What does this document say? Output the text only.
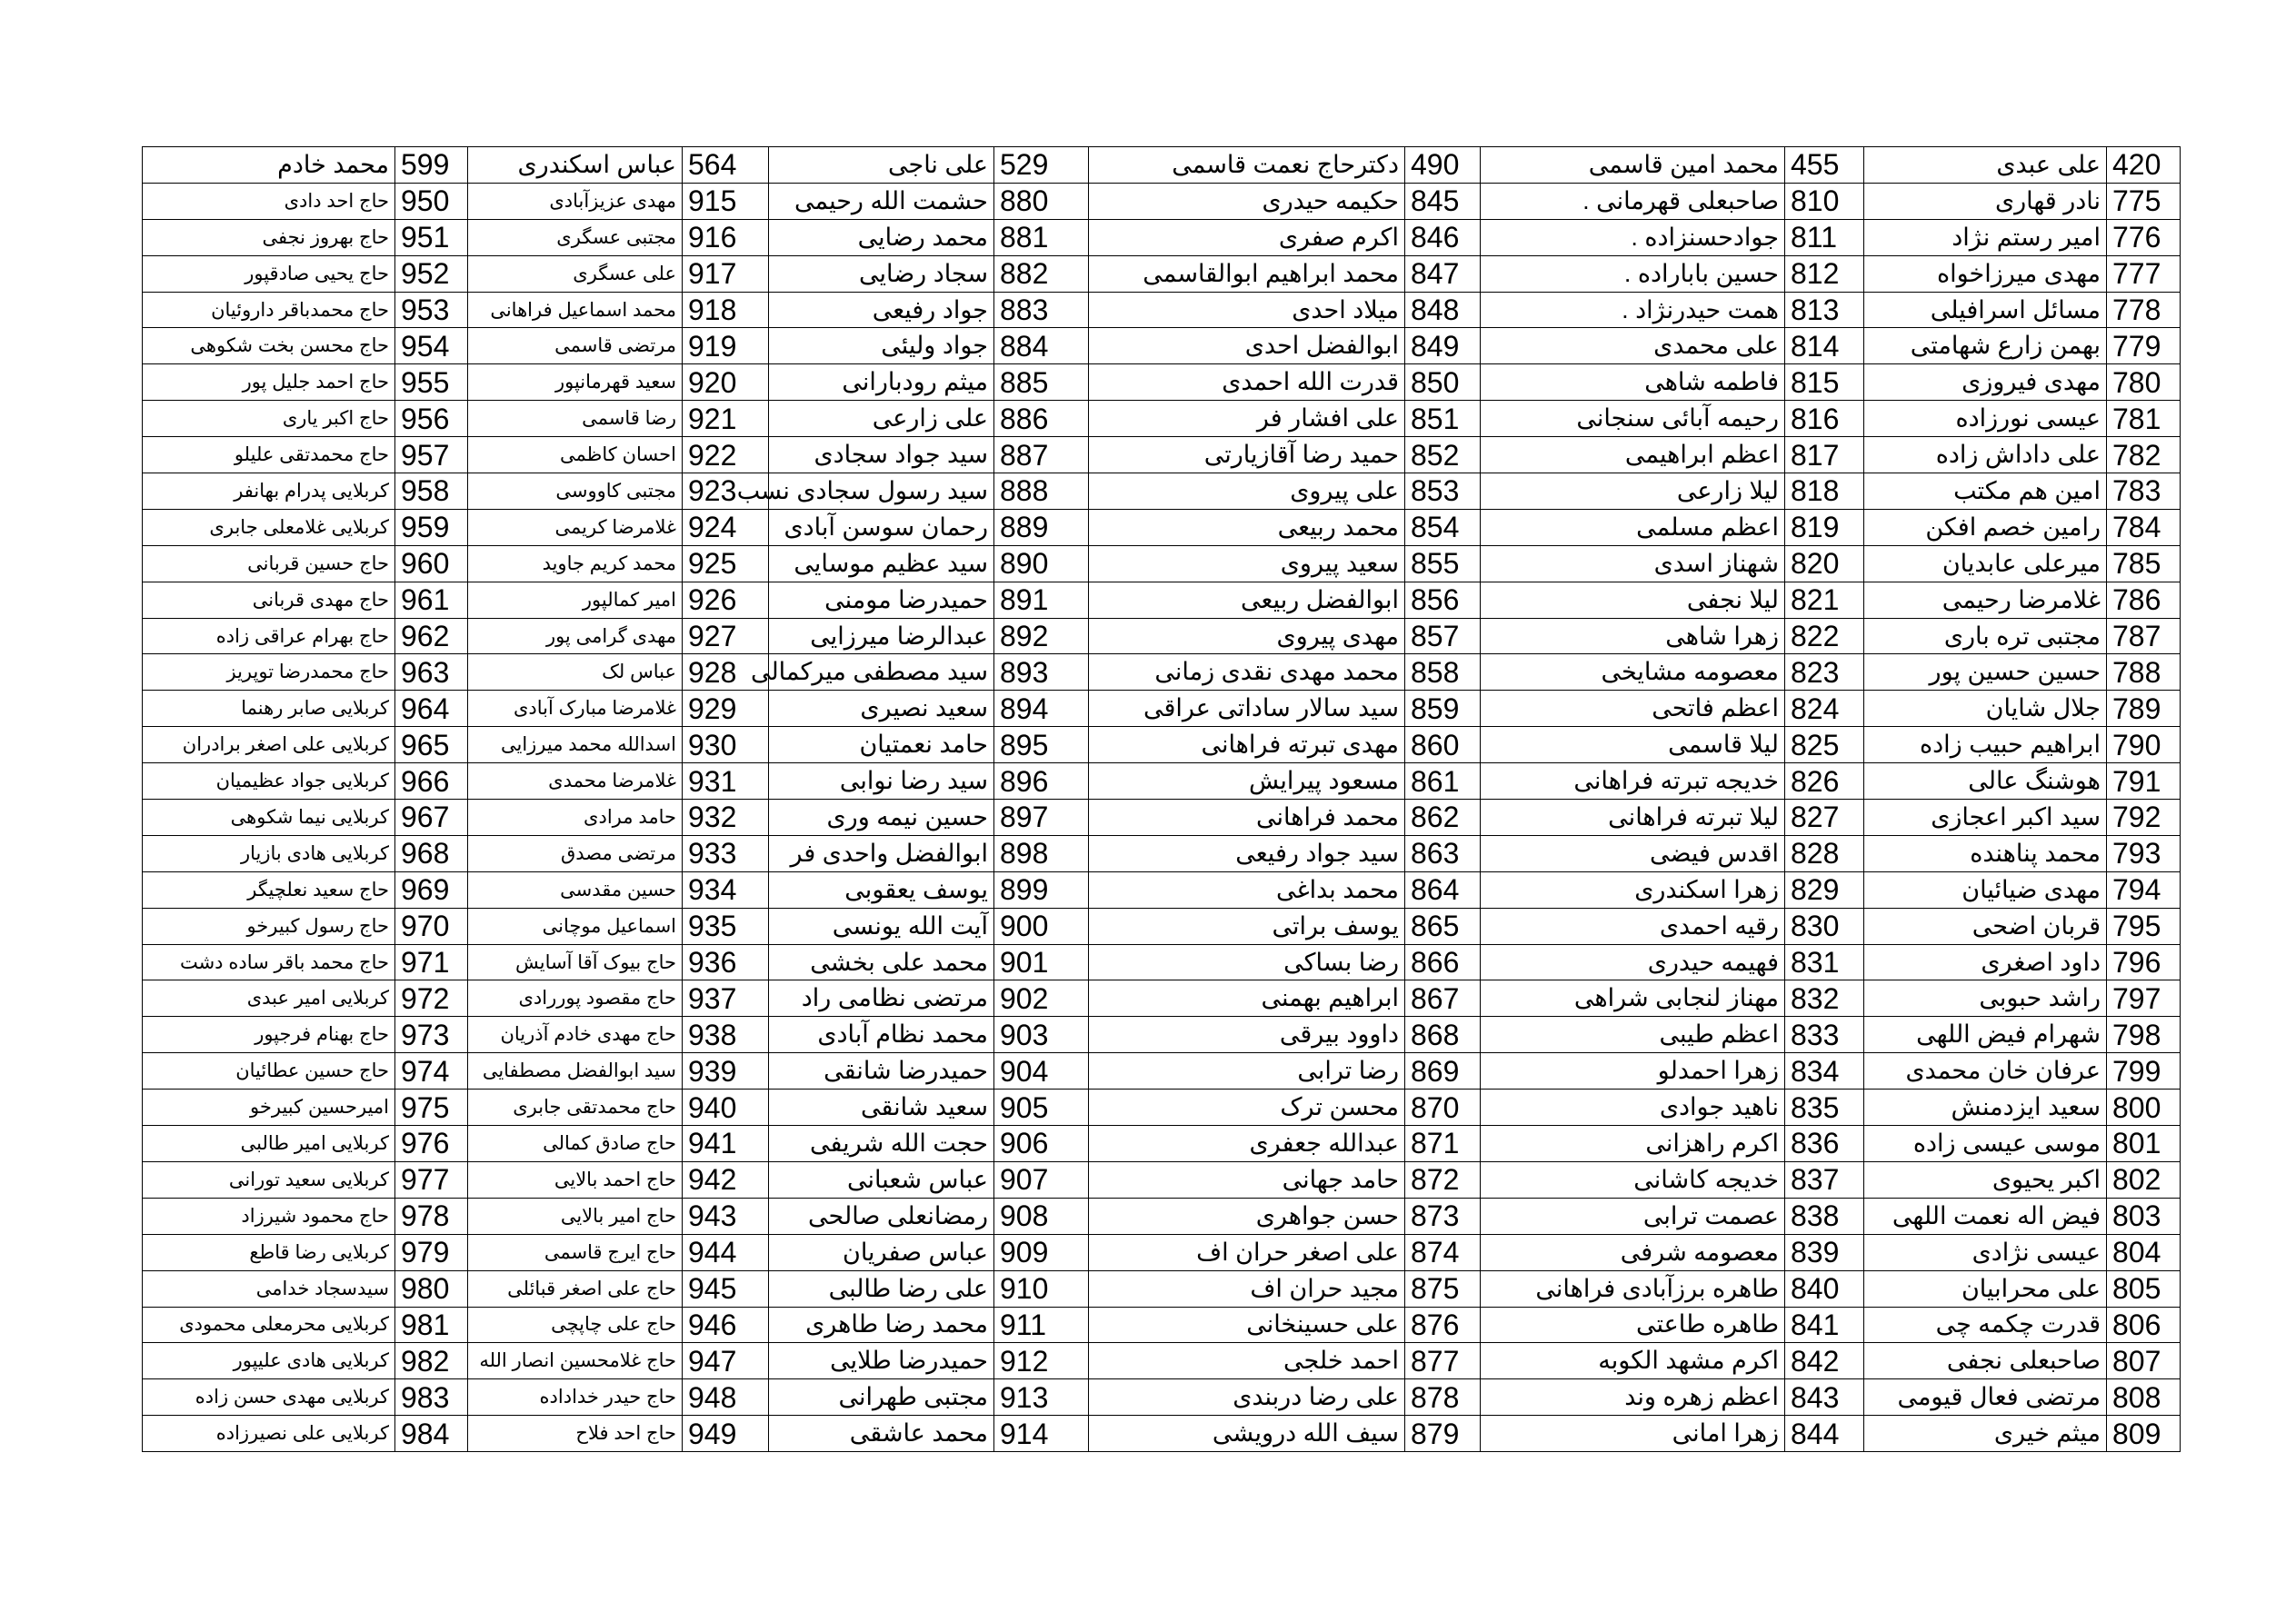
محمد خادم	599	عباس اسکندری	564	علی ناجی	529	دکترحاج نعمت قاسمی	490	محمد امین قاسمی	455	علی عبدی	420
حاج احد دادی	950	مهدی عزیزآبادی	915	حشمت الله رحیمی	880	حکیمه حیدری	845	صاحبعلی قهرمانی .	810	نادر قهاری	775
حاج بهروز نجفی	951	مجتبی عسگری	916	محمد رضایی	881	اکرم صفری	846	جوادحسنزاده .	811	امیر رستم نژاد	776
حاج یحیی صادقپور	952	علی عسگری	917	سجاد رضایی	882	محمد ابراهیم ابوالقاسمی	847	حسین باباراده .	812	مهدی میرزاخواه	777
حاج محمدباقر داروئیان	953	محمد اسماعیل فراهانی	918	جواد رفیعی	883	میلاد احدی	848	همت حیدرنژاد .	813	مسائل اسرافیلی	778
حاج محسن بخت شکوهی	954	مرتضی قاسمی	919	جواد ولیئی	884	ابوالفضل احدی	849	علی محمدی	814	بهمن زارع شهامتی	779
حاج احمد جلیل پور	955	سعید قهرمانپور	920	میثم رودبارانی	885	قدرت الله احمدی	850	فاطمه شاهی	815	مهدی فیروزی	780
حاج اکبر یاری	956	رضا قاسمی	921	علی زارعی	886	علی افشار فر	851	رحیمه آبائی سنجانی	816	عیسی نورزاده	781
حاج محمدتقی علیلو	957	احسان کاظمی	922	سید جواد سجادی	887	حمید رضا آقازیارتی	852	اعظم ابراهیمی	817	علی داداش زاده	782
کربلایی پدرام بهانفر	958	مجتبی کاووسی	923	سید رسول سجادی نسب	888	علی پیروی	853	لیلا زارعی	818	امین هم مکتب	783
کربلایی غلامعلی جابری	959	غلامرضا کریمی	924	رحمان سوسن آبادی	889	محمد ربیعی	854	اعظم مسلمی	819	رامین خصم افکن	784
حاج حسین قربانی	960	محمد کریم جاوید	925	سید عظیم موسایی	890	سعید پیروی	855	شهناز اسدی	820	میرعلی عابدیان	785
حاج مهدی قربانی	961	امیر کمالپور	926	حمیدرضا مومنی	891	ابوالفضل ربیعی	856	لیلا نجفی	821	غلامرضا رحیمی	786
حاج بهرام عراقی زاده	962	مهدی گرامی پور	927	عبدالرضا میرزایی	892	مهدی پیروی	857	زهرا شاهی	822	مجتبی تره باری	787
حاج محمدرضا توپریز	963	عباس لک	928	سید مصطفی میرکمالی	893	محمد مهدی نقدی زمانی	858	معصومه مشایخی	823	حسین حسین پور	788
کربلایی صابر رهنما	964	غلامرضا مبارک آبادی	929	سعید نصیری	894	سید سالار ساداتی عراقی	859	اعظم فاتحی	824	جلال شایان	789
کربلایی علی اصغر برادران	965	اسدالله محمد میرزایی	930	حامد نعمتیان	895	مهدی تبرته فراهانی	860	لیلا قاسمی	825	ابراهیم حبیب زاده	790
کربلایی جواد عظیمیان	966	غلامرضا محمدی	931	سید رضا نوابی	896	مسعود پیرایش	861	خدیجه تبرته فراهانی	826	هوشنگ عالی	791
کربلایی نیما شکوهی	967	حامد مرادی	932	حسین نیمه وری	897	محمد فراهانی	862	لیلا تبرته فراهانی	827	سید اکبر اعجازی	792
کربلایی هادی بازیار	968	مرتضی مصدق	933	ابوالفضل واحدی فر	898	سید جواد رفیعی	863	اقدس فیضی	828	محمد پناهنده	793
حاج سعید نعلچیگر	969	حسین مقدسی	934	یوسف یعقوبی	899	محمد بداغی	864	زهرا اسکندری	829	مهدی ضیائیان	794
حاج رسول کبیرخو	970	اسماعیل موچانی	935	آیت الله یونسی	900	یوسف براتی	865	رقیه احمدی	830	قربان اضحی	795
حاج محمد باقر ساده دشت	971	حاج بیوک آقا آسایش	936	محمد علی بخشی	901	رضا بساکی	866	فهیمه حیدری	831	داود اصغری	796
کربلایی امیر عبدی	972	حاج مقصود پوررادی	937	مرتضی نظامی راد	902	ابراهیم بهمنی	867	مهناز لنجابی شراهی	832	راشد حبوبی	797
حاج بهنام فرجپور	973	حاج مهدی خادم آذریان	938	محمد نظام آبادی	903	داوود بیرقی	868	اعظم طیبی	833	شهرام فیض اللهی	798
حاج حسین عطائیان	974	سید ابوالفضل مصطفایی	939	حمیدرضا شانقی	904	رضا ترابی	869	زهرا احمدلو	834	عرفان خان محمدی	799
امیرحسین کبیرخو	975	حاج محمدتقی جابری	940	سعید شانقی	905	محسن ترک	870	ناهید جوادی	835	سعید ایزدمنش	800
کربلایی امیر طالبی	976	حاج صادق کمالی	941	حجت الله شریفی	906	عبدالله جعفری	871	اکرم راهزانی	836	موسی عیسی زاده	801
کربلایی سعید تورانی	977	حاج احمد بالایی	942	عباس شعبانی	907	حامد جهانی	872	خدیجه کاشانی	837	اکبر یحیوی	802
حاج محمود شیرزاد	978	حاج امیر بالایی	943	رمضانعلی صالحی	908	حسن جواهری	873	عصمت ترابی	838	فیض اله نعمت اللهی	803
کربلایی رضا قاطع	979	حاج ایرج قاسمی	944	عباس صفریان	909	علی اصغر حران اف	874	معصومه شرفی	839	عیسی نژادی	804
سیدسجاد خدامی	980	حاج علی اصغر قبائلی	945	علی رضا طالبی	910	مجید حران اف	875	طاهره برزآبادی فراهانی	840	علی محرابیان	805
کربلایی محرمعلی محمودی	981	حاج علی چاپچی	946	محمد رضا طاهری	911	علی حسینخانی	876	طاهره طاعتی	841	قدرت چکمه چی	806
کربلایی هادی علیپور	982	حاج غلامحسین انصار الله	947	حمیدرضا طلایی	912	احمد خلجی	877	اکرم مشهد الکوبه	842	صاحبعلی نجفی	807
کربلایی مهدی حسن زاده	983	حاج حیدر خداداده	948	مجتبی طهرانی	913	علی رضا دربندی	878	اعظم زهره وند	843	مرتضی فعال قیومی	808
کربلایی علی نصیرزاده	984	حاج احد فلاح	949	محمد عاشقی	914	سیف الله درویشی	879	زهرا امانی	844	میثم خیری	809
